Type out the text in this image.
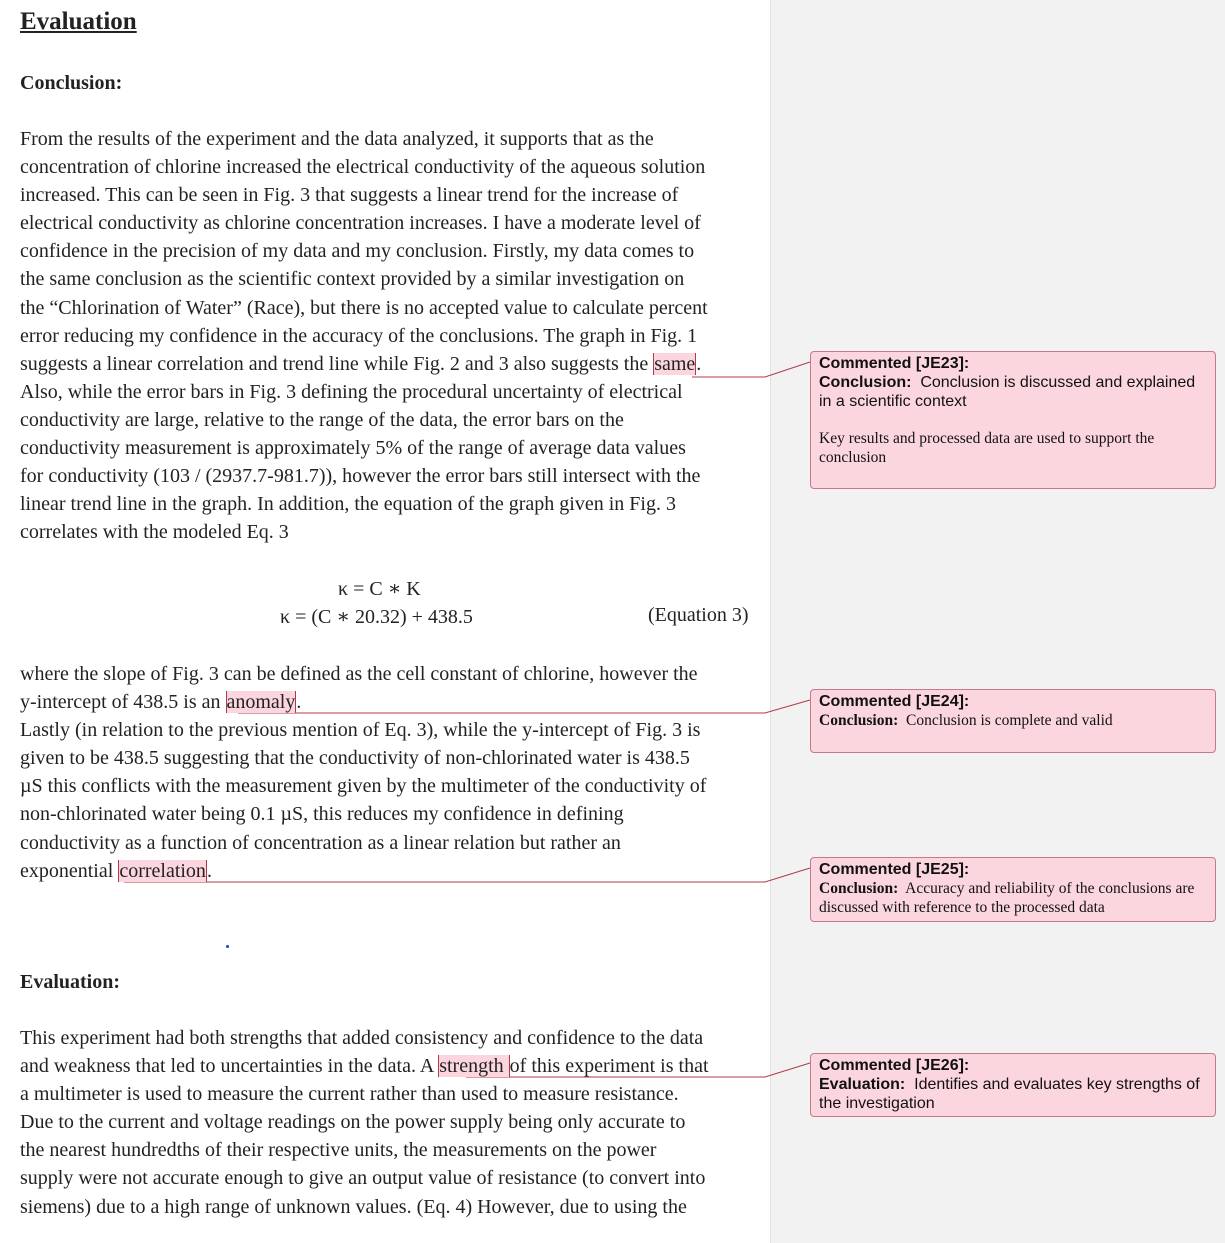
Evaluation
Conclusion:
From the results of the experiment and the data analyzed, it supports that as the
concentration of chlorine increased the electrical conductivity of the aqueous solution
increased. This can be seen in Fig. 3 that suggests a linear trend for the increase of
electrical conductivity as chlorine concentration increases. I have a moderate level of
confidence in the precision of my data and my conclusion. Firstly, my data comes to
the same conclusion as the scientific context provided by a similar investigation on
the “Chlorination of Water” (Race), but there is no accepted value to calculate percent
error reducing my confidence in the accuracy of the conclusions. The graph in Fig. 1
suggests a linear correlation and trend line while Fig. 2 and 3 also suggests the same.
Also, while the error bars in Fig. 3 defining the procedural uncertainty of electrical
conductivity are large, relative to the range of the data, the error bars on the
conductivity measurement is approximately 5% of the range of average data values
for conductivity (103 / (2937.7-981.7)), however the error bars still intersect with the
linear trend line in the graph. In addition, the equation of the graph given in Fig. 3
correlates with the modeled Eq. 3
κ = C ∗ K
κ = (C ∗ 20.32) + 438.5	(Equation 3)
where the slope of Fig. 3 can be defined as the cell constant of chlorine, however the
y-intercept of 438.5 is an anomaly.
Lastly (in relation to the previous mention of Eq. 3), while the y-intercept of Fig. 3 is
given to be 438.5 suggesting that the conductivity of non-chlorinated water is 438.5
µS this conflicts with the measurement given by the multimeter of the conductivity of
non-chlorinated water being 0.1 µS, this reduces my confidence in defining
conductivity as a function of concentration as a linear relation but rather an
exponential correlation.
Evaluation:
This experiment had both strengths that added consistency and confidence to the data
and weakness that led to uncertainties in the data. A strength of this experiment is that
a multimeter is used to measure the current rather than used to measure resistance.
Due to the current and voltage readings on the power supply being only accurate to
the nearest hundredths of their respective units, the measurements on the power
supply were not accurate enough to give an output value of resistance (to convert into
siemens) due to a high range of unknown values. (Eq. 4) However, due to using the
Commented [JE23]:
Conclusion: Conclusion is discussed and explained in a scientific context
Key results and processed data are used to support the conclusion
Commented [JE24]:
Conclusion: Conclusion is complete and valid
Commented [JE25]:
Conclusion: Accuracy and reliability of the conclusions are discussed with reference to the processed data
Commented [JE26]:
Evaluation: Identifies and evaluates key strengths of the investigation
